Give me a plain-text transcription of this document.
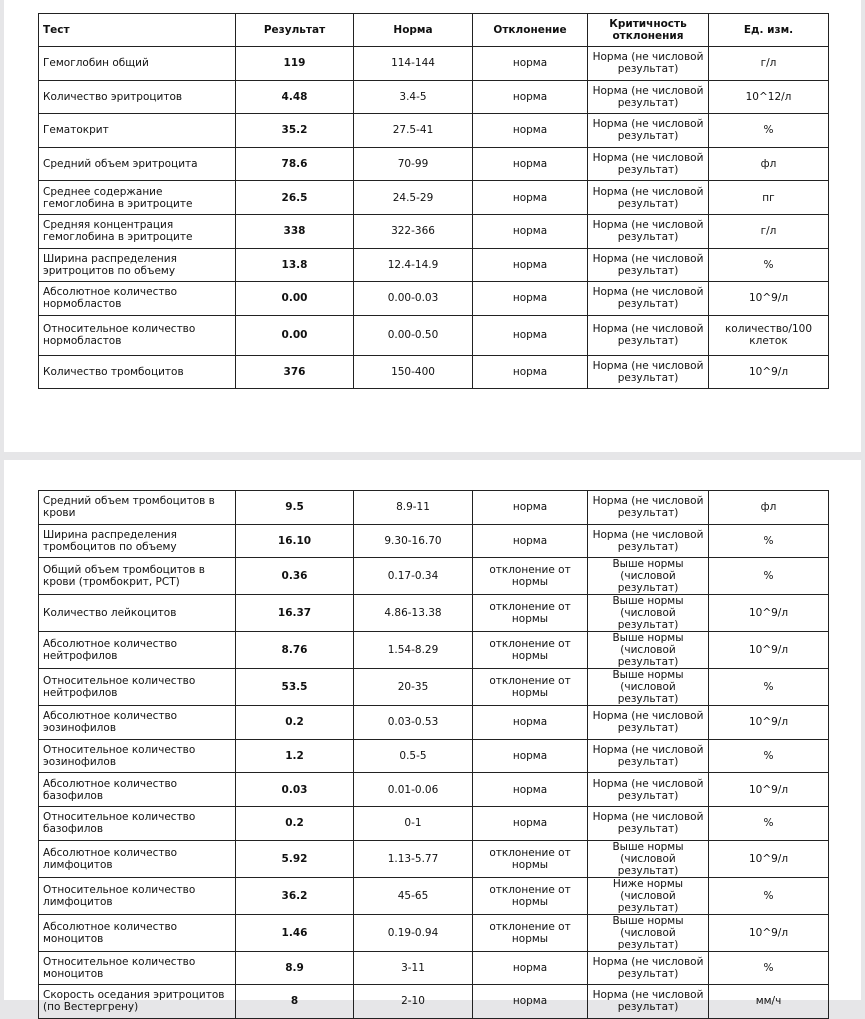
Тест	Результат	Норма	Отклонение	Критичность отклонения	Ед. изм.
Гемоглобин общий	119	114-144	норма	Норма (не числовой результат)	г/л
Количество эритроцитов	4.48	3.4-5	норма	Норма (не числовой результат)	10^12/л
Гематокрит	35.2	27.5-41	норма	Норма (не числовой результат)	%
Средний объем эритроцита	78.6	70-99	норма	Норма (не числовой результат)	фл
Среднее содержание гемоглобина в эритроците	26.5	24.5-29	норма	Норма (не числовой результат)	пг
Средняя концентрация гемоглобина в эритроците	338	322-366	норма	Норма (не числовой результат)	г/л
Ширина распределения эритроцитов по объему	13.8	12.4-14.9	норма	Норма (не числовой результат)	%
Абсолютное количество нормобластов	0.00	0.00-0.03	норма	Норма (не числовой результат)	10^9/л
Относительное количество нормобластов	0.00	0.00-0.50	норма	Норма (не числовой результат)	количество/100 клеток
Количество тромбоцитов	376	150-400	норма	Норма (не числовой результат)	10^9/л
Средний объем тромбоцитов в крови	9.5	8.9-11	норма	Норма (не числовой результат)	фл
Ширина распределения тромбоцитов по объему	16.10	9.30-16.70	норма	Норма (не числовой результат)	%
Общий объем тромбоцитов в крови (тромбокрит, PCT)	0.36	0.17-0.34	отклонение от нормы	Выше нормы (числовой результат)	%
Количество лейкоцитов	16.37	4.86-13.38	отклонение от нормы	Выше нормы (числовой результат)	10^9/л
Абсолютное количество нейтрофилов	8.76	1.54-8.29	отклонение от нормы	Выше нормы (числовой результат)	10^9/л
Относительное количество нейтрофилов	53.5	20-35	отклонение от нормы	Выше нормы (числовой результат)	%
Абсолютное количество эозинофилов	0.2	0.03-0.53	норма	Норма (не числовой результат)	10^9/л
Относительное количество эозинофилов	1.2	0.5-5	норма	Норма (не числовой результат)	%
Абсолютное количество базофилов	0.03	0.01-0.06	норма	Норма (не числовой результат)	10^9/л
Относительное количество базофилов	0.2	0-1	норма	Норма (не числовой результат)	%
Абсолютное количество лимфоцитов	5.92	1.13-5.77	отклонение от нормы	Выше нормы (числовой результат)	10^9/л
Относительное количество лимфоцитов	36.2	45-65	отклонение от нормы	Ниже нормы (числовой результат)	%
Абсолютное количество моноцитов	1.46	0.19-0.94	отклонение от нормы	Выше нормы (числовой результат)	10^9/л
Относительное количество моноцитов	8.9	3-11	норма	Норма (не числовой результат)	%
Скорость оседания эритроцитов (по Вестергрену)	8	2-10	норма	Норма (не числовой результат)	мм/ч
